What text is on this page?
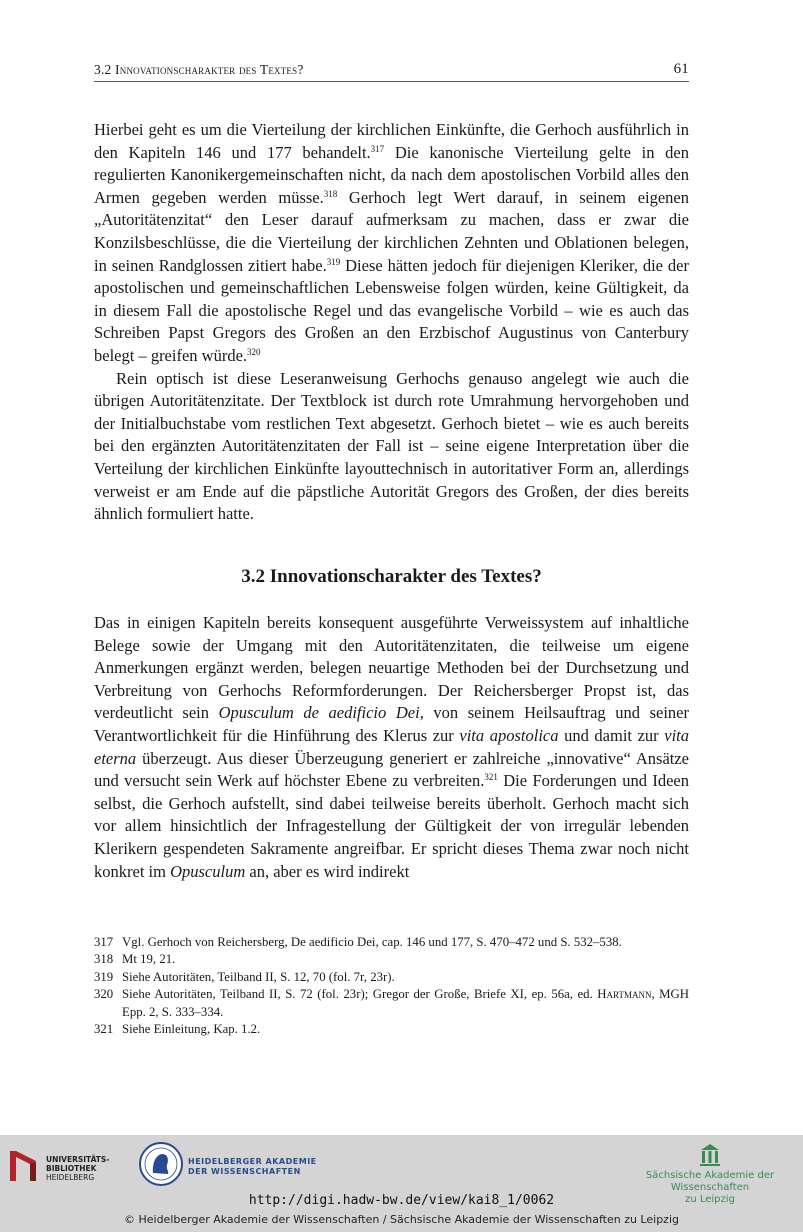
3.2 Innovationscharakter des Textes?	61

Hierbei geht es um die Vierteilung der kirchlichen Einkünfte, die Gerhoch ausführlich in den Kapiteln 146 und 177 behandelt.$^{317}$ Die kanonische Vierteilung gelte in den regulierten Kanonikergemeinschaften nicht, da nach dem apostolischen Vorbild alles den Armen gegeben werden müsse.$^{318}$ Gerhoch legt Wert darauf, in seinem eigenen „Autoritätenzitat“ den Leser darauf aufmerksam zu machen, dass er zwar die Konzilsbeschlüsse, die die Vierteilung der kirchlichen Zehnten und Oblationen belegen, in seinen Randglossen zitiert habe.$^{319}$ Diese hätten jedoch für diejenigen Kleriker, die der apostolischen und gemeinschaftlichen Lebensweise folgen würden, keine Gültigkeit, da in diesem Fall die apostolische Regel und das evangelische Vorbild – wie es auch das Schreiben Papst Gregors des Großen an den Erzbischof Augustinus von Canterbury belegt – greifen würde.$^{320}$

Rein optisch ist diese Leseranweisung Gerhochs genauso angelegt wie auch die übrigen Autoritätenzitate. Der Textblock ist durch rote Umrahmung hervorgehoben und der Initialbuchstabe vom restlichen Text abgesetzt. Gerhoch bietet – wie es auch bereits bei den ergänzten Autoritätenzitaten der Fall ist – seine eigene Interpretation über die Verteilung der kirchlichen Einkünfte layouttechnisch in autoritativer Form an, allerdings verweist er am Ende auf die päpstliche Autorität Gregors des Großen, der dies bereits ähnlich formuliert hatte.

3.2 Innovationscharakter des Textes?

Das in einigen Kapiteln bereits konsequent ausgeführte Verweissystem auf inhaltliche Belege sowie der Umgang mit den Autoritätenzitaten, die teilweise um eigene Anmerkungen ergänzt werden, belegen neuartige Methoden bei der Durchsetzung und Verbreitung von Gerhochs Reformforderungen. Der Reichersberger Propst ist, das verdeutlicht sein Opusculum de aedificio Dei, von seinem Heilsauftrag und seiner Verantwortlichkeit für die Hinführung des Klerus zur vita apostolica und damit zur vita eterna überzeugt. Aus dieser Überzeugung generiert er zahlreiche „innovative“ Ansätze und versucht sein Werk auf höchster Ebene zu verbreiten.$^{321}$ Die Forderungen und Ideen selbst, die Gerhoch aufstellt, sind dabei teilweise bereits überholt. Gerhoch macht sich vor allem hinsichtlich der Infragestellung der Gültigkeit der von irregulär lebenden Klerikern gespendeten Sakramente angreifbar. Er spricht dieses Thema zwar noch nicht konkret im Opusculum an, aber es wird indirekt

317 Vgl. Gerhoch von Reichersberg, De aedificio Dei, cap. 146 und 177, S. 470–472 und S. 532–538.
318 Mt 19, 21.
319 Siehe Autoritäten, Teilband II, S. 12, 70 (fol. 7r, 23r).
320 Siehe Autoritäten, Teilband II, S. 72 (fol. 23r); Gregor der Große, Briefe XI, ep. 56a, ed. Hartmann, MGH Epp. 2, S. 333–334.
321 Siehe Einleitung, Kap. 1.2.
UNIVERSITÄTS-
BIBLIOTHEK
HEIDELBERG
HEIDELBERGER AKADEMIE
DER WISSENSCHAFTEN	Sächsische Akademie der Wissenschaften
zu Leipzig
http://digi.hadw-bw.de/view/kai8_1/0062
© Heidelberger Akademie der Wissenschaften / Sächsische Akademie der Wissenschaften zu Leipzig
